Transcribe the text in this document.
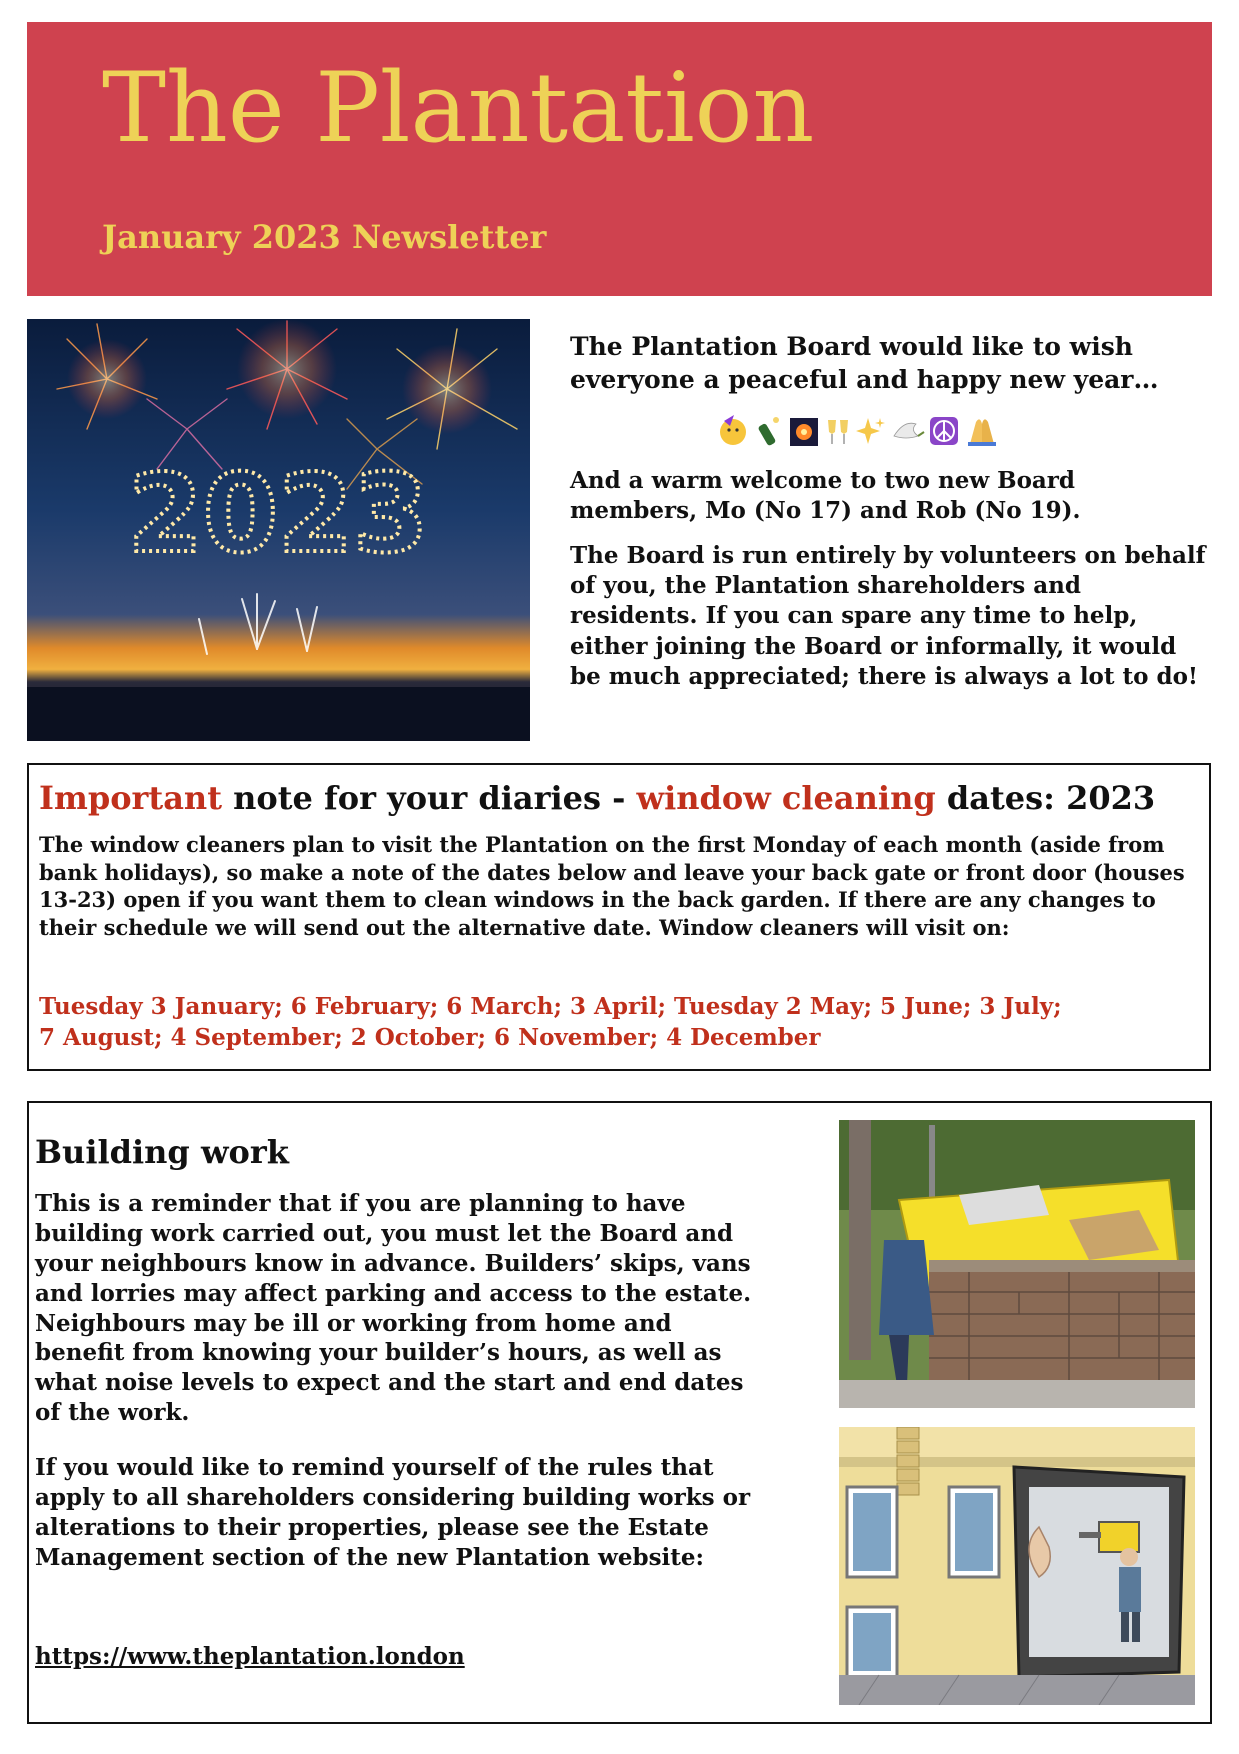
The Plantation
January 2023 Newsletter
2023

The Plantation Board would like to wish everyone a peaceful and happy new year…

And a warm welcome to two new Board members, Mo (No 17) and Rob (No 19).

The Board is run entirely by volunteers on behalf of you, the Plantation shareholders and residents. If you can spare any time to help, either joining the Board or informally, it would be much appreciated; there is always a lot to do!

Important note for your diaries - window cleaning dates: 2023

The window cleaners plan to visit the Plantation on the first Monday of each month (aside from bank holidays), so make a note of the dates below and leave your back gate or front door (houses 13-23) open if you want them to clean windows in the back garden. If there are any changes to their schedule we will send out the alternative date. Window cleaners will visit on:

Tuesday 3 January; 6 February; 6 March; 3 April; Tuesday 2 May; 5 June; 3 July;
7 August; 4 September; 2 October; 6 November; 4 December
Building work

This is a reminder that if you are planning to have building work carried out, you must let the Board and your neighbours know in advance. Builders’ skips, vans and lorries may affect parking and access to the estate. Neighbours may be ill or working from home and benefit from knowing your builder’s hours, as well as what noise levels to expect and the start and end dates of the work.

If you would like to remind yourself of the rules that apply to all shareholders considering building works or alterations to their properties, please see the Estate Management section of the new Plantation website:

https://www.theplantation.london
